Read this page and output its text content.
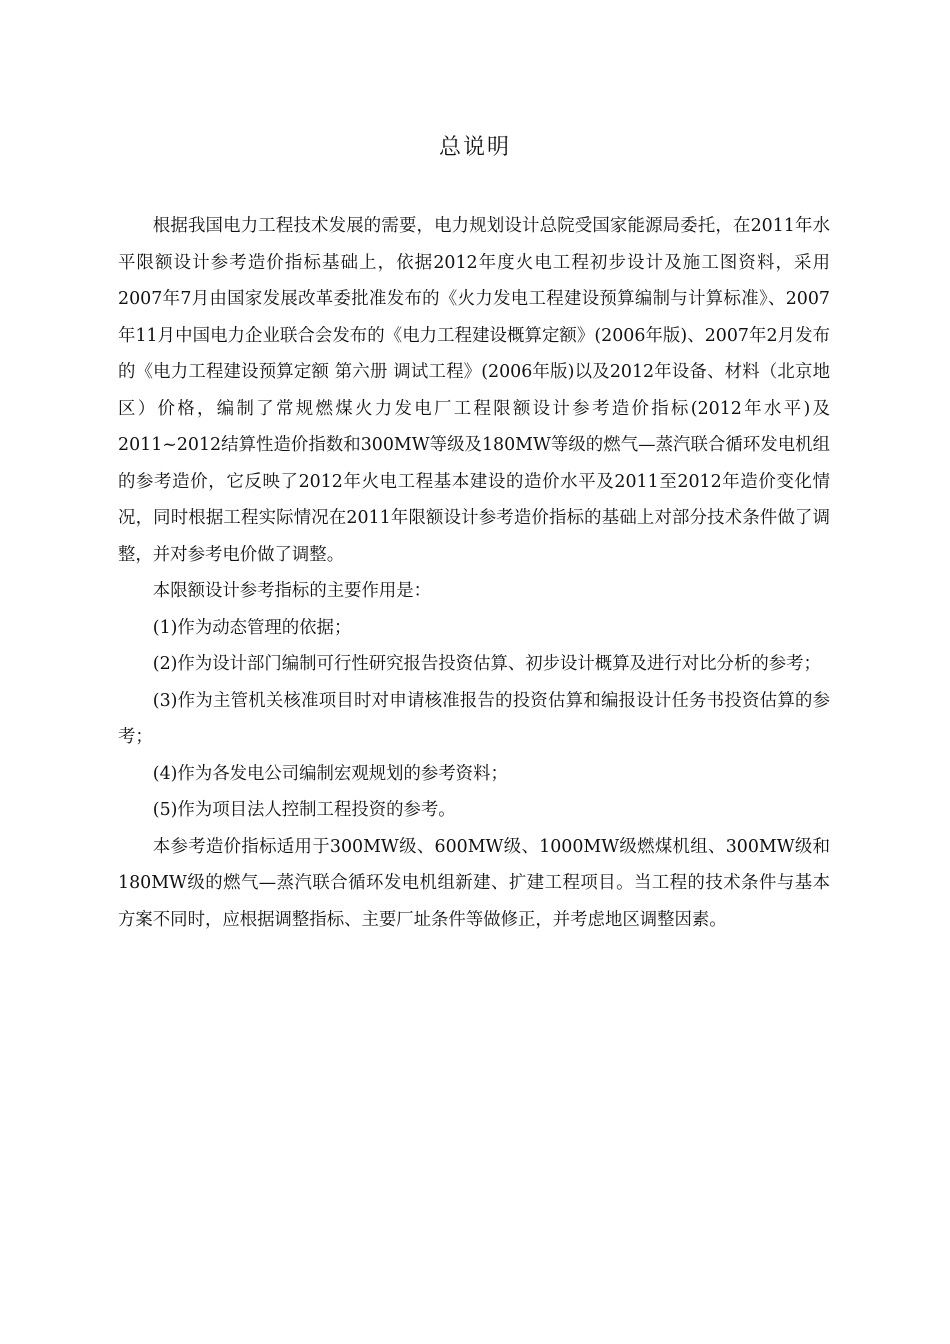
总说明

根据我国电力工程技术发展的需要，电力规划设计总院受国家能源局委托，在2011年水平限额设计参考造价指标基础上，依据2012年度火电工程初步设计及施工图资料，采用2007年7月由国家发展改革委批准发布的《火力发电工程建设预算编制与计算标准》、2007年11月中国电力企业联合会发布的《电力工程建设概算定额》(2006年版)、2007年2月发布的《电力工程建设预算定额 第六册 调试工程》(2006年版)以及2012年设备、材料（北京地区）价格，编制了常规燃煤火力发电厂工程限额设计参考造价指标(2012年水平)及2011~2012结算性造价指数和300MW等级及180MW等级的燃气—蒸汽联合循环发电机组的参考造价，它反映了2012年火电工程基本建设的造价水平及2011至2012年造价变化情况，同时根据工程实际情况在2011年限额设计参考造价指标的基础上对部分技术条件做了调整，并对参考电价做了调整。

本限额设计参考指标的主要作用是：

(1)作为动态管理的依据；

(2)作为设计部门编制可行性研究报告投资估算、初步设计概算及进行对比分析的参考；

(3)作为主管机关核准项目时对申请核准报告的投资估算和编报设计任务书投资估算的参考；

(4)作为各发电公司编制宏观规划的参考资料；

(5)作为项目法人控制工程投资的参考。

本参考造价指标适用于300MW级、600MW级、1000MW级燃煤机组、300MW级和180MW级的燃气—蒸汽联合循环发电机组新建、扩建工程项目。当工程的技术条件与基本方案不同时，应根据调整指标、主要厂址条件等做修正，并考虑地区调整因素。
